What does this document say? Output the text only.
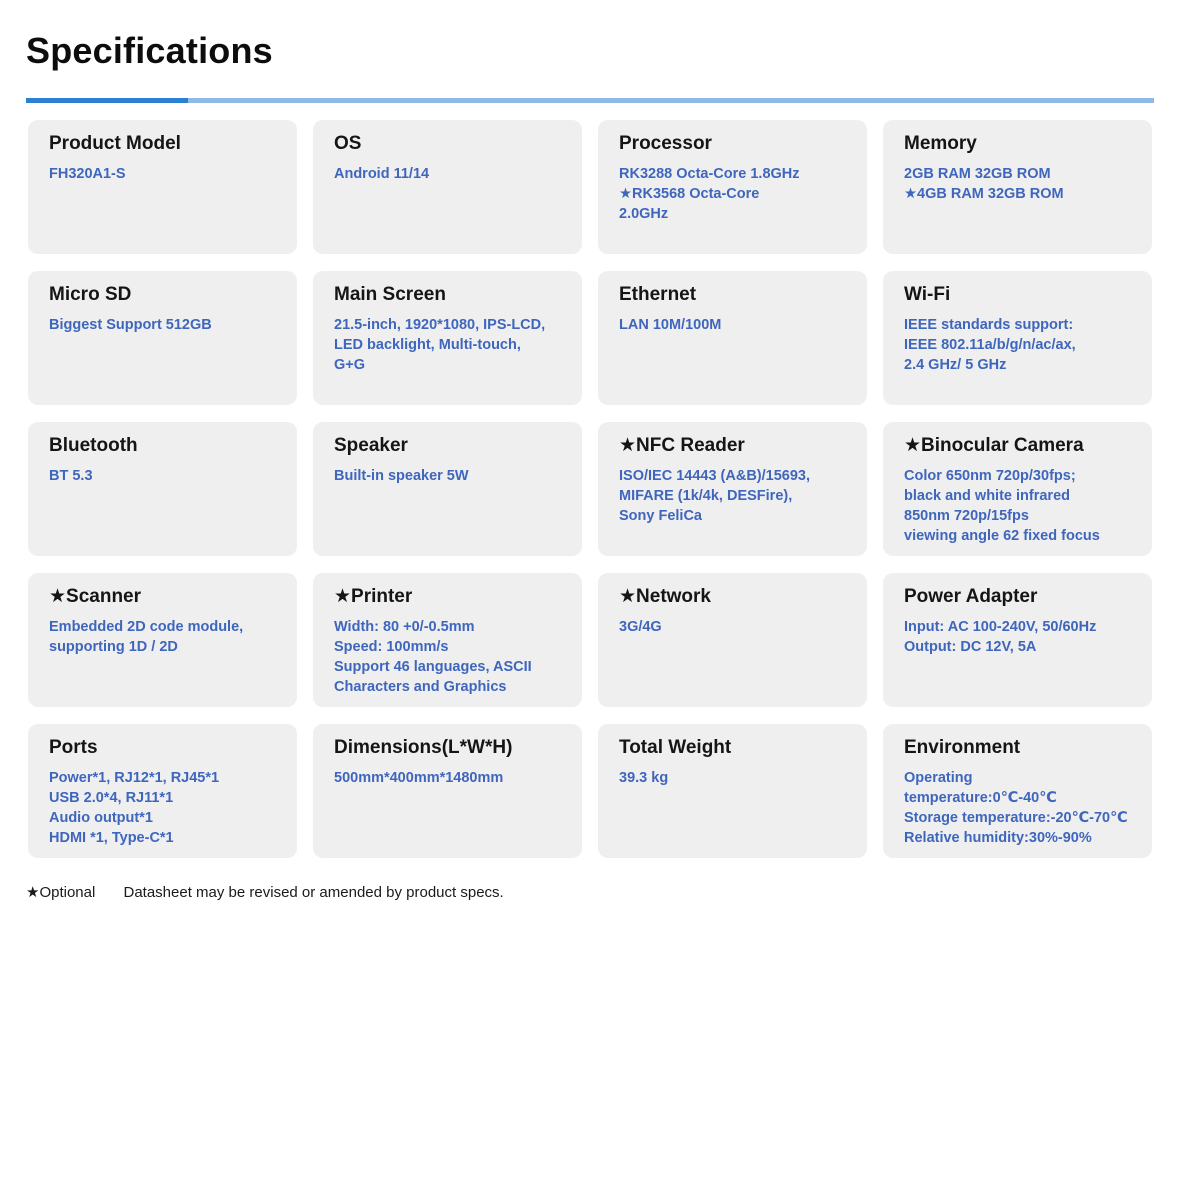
Specifications
Product Model
FH320A1-S
OS
Android 11/14
Processor
RK3288 Octa-Core 1.8GHz
★RK3568 Octa-Core
2.0GHz
Memory
2GB RAM 32GB ROM
★4GB RAM 32GB ROM
Micro SD
Biggest Support 512GB
Main Screen
21.5-inch, 1920*1080, IPS-LCD,
LED backlight, Multi-touch,
G+G
Ethernet
LAN 10M/100M
Wi-Fi
IEEE standards support:
IEEE 802.11a/b/g/n/ac/ax,
2.4 GHz/ 5 GHz
Bluetooth
BT 5.3
Speaker
Built-in speaker 5W
★NFC Reader
ISO/IEC 14443 (A&B)/15693,
MIFARE (1k/4k, DESFire),
Sony FeliCa
★Binocular Camera
Color 650nm 720p/30fps;
black and white infrared
850nm 720p/15fps
viewing angle 62 fixed focus
★Scanner
Embedded 2D code module,
supporting 1D / 2D
★Printer
Width: 80 +0/-0.5mm
Speed: 100mm/s
Support 46 languages, ASCII
Characters and Graphics
★Network
3G/4G
Power Adapter
Input: AC 100-240V, 50/60Hz
Output: DC 12V, 5A
Ports
Power*1, RJ12*1, RJ45*1
USB 2.0*4, RJ11*1
Audio output*1
HDMI *1, Type-C*1
Dimensions(L*W*H)
500mm*400mm*1480mm
Total Weight
39.3 kg
Environment
Operating
temperature:0℃-40℃
Storage temperature:-20℃-70℃
Relative humidity:30%-90%
★Optional Datasheet may be revised or amended by product specs.
